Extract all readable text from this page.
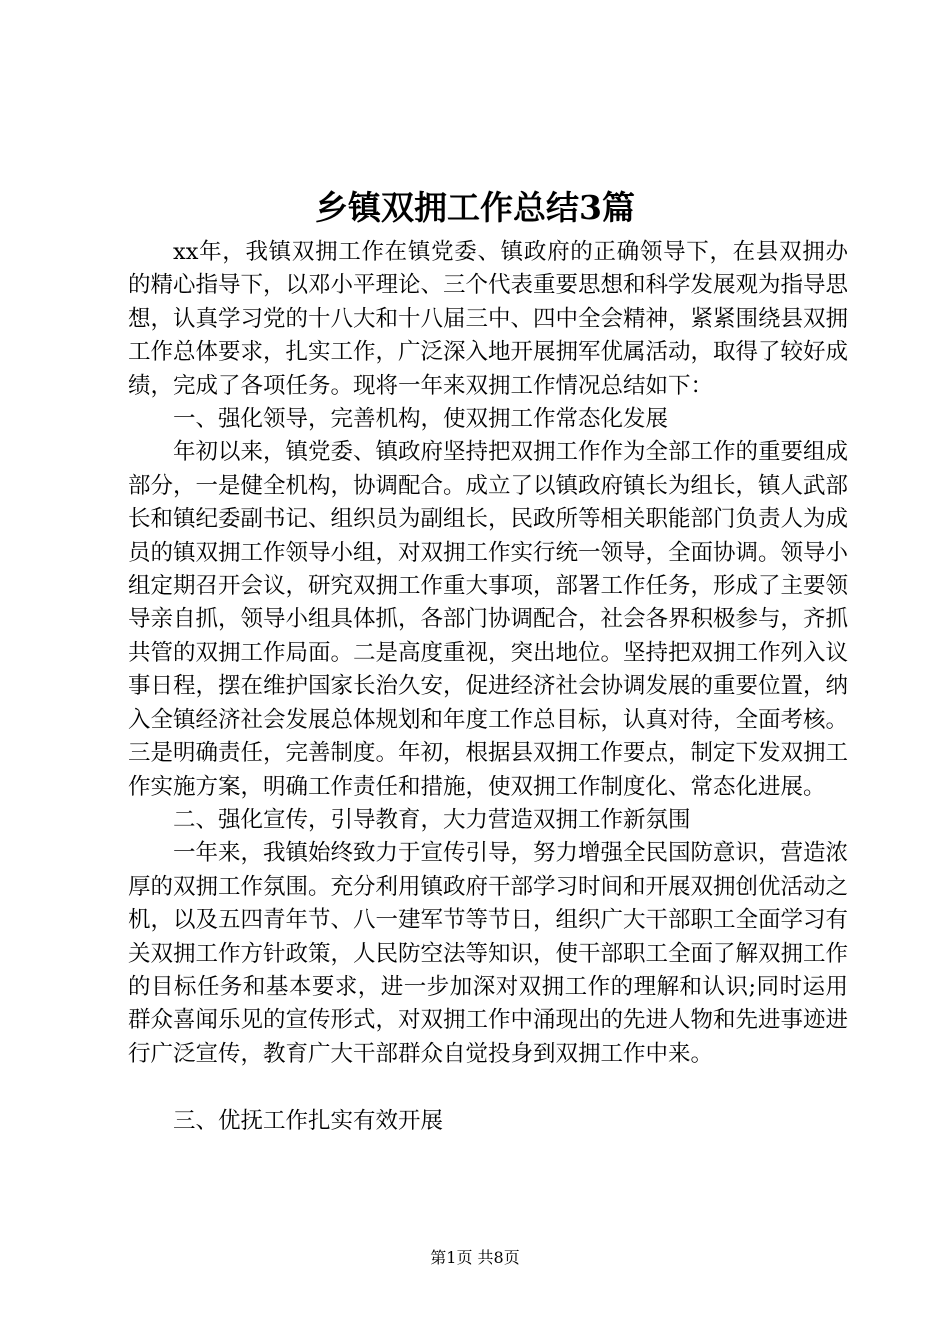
乡镇双拥工作总结3篇

xx年，我镇双拥工作在镇党委、镇政府的正确领导下，在县双拥办的精心指导下，以邓小平理论、三个代表重要思想和科学发展观为指导思想，认真学习党的十八大和十八届三中、四中全会精神，紧紧围绕县双拥工作总体要求，扎实工作，广泛深入地开展拥军优属活动，取得了较好成绩，完成了各项任务。现将一年来双拥工作情况总结如下：

一、强化领导，完善机构，使双拥工作常态化发展

年初以来，镇党委、镇政府坚持把双拥工作作为全部工作的重要组成部分，一是健全机构，协调配合。成立了以镇政府镇长为组长，镇人武部长和镇纪委副书记、组织员为副组长，民政所等相关职能部门负责人为成员的镇双拥工作领导小组，对双拥工作实行统一领导，全面协调。领导小组定期召开会议，研究双拥工作重大事项，部署工作任务，形成了主要领导亲自抓，领导小组具体抓，各部门协调配合，社会各界积极参与，齐抓共管的双拥工作局面。二是高度重视，突出地位。坚持把双拥工作列入议事日程，摆在维护国家长治久安，促进经济社会协调发展的重要位置，纳入全镇经济社会发展总体规划和年度工作总目标，认真对待，全面考核。三是明确责任，完善制度。年初，根据县双拥工作要点，制定下发双拥工作实施方案，明确工作责任和措施，使双拥工作制度化、常态化进展。

二、强化宣传，引导教育，大力营造双拥工作新氛围

一年来，我镇始终致力于宣传引导，努力增强全民国防意识，营造浓厚的双拥工作氛围。充分利用镇政府干部学习时间和开展双拥创优活动之机，以及五四青年节、八一建军节等节日，组织广大干部职工全面学习有关双拥工作方针政策，人民防空法等知识，使干部职工全面了解双拥工作的目标任务和基本要求，进一步加深对双拥工作的理解和认识;同时运用群众喜闻乐见的宣传形式，对双拥工作中涌现出的先进人物和先进事迹进行广泛宣传，教育广大干部群众自觉投身到双拥工作中来。

三、优抚工作扎实有效开展

第1页 共8页
